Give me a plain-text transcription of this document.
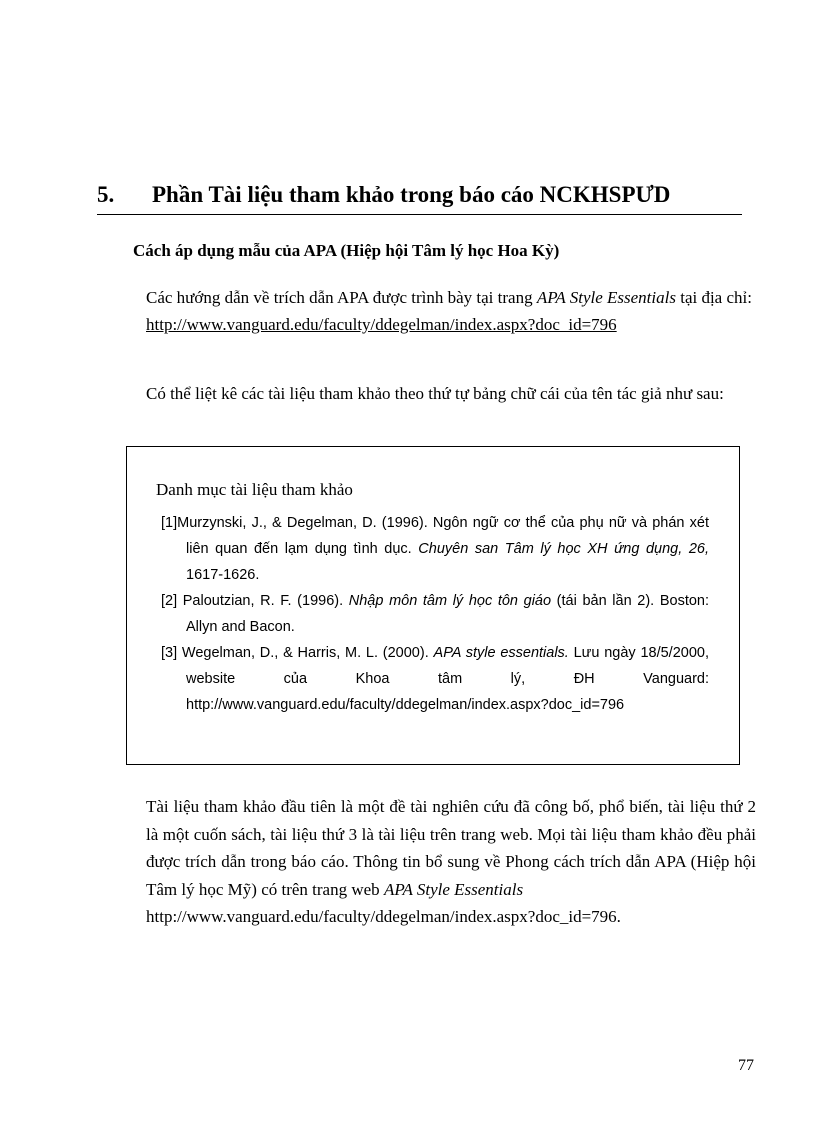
5. Phần Tài liệu tham khảo trong báo cáo NCKHSPƯD
Cách áp dụng mẫu của APA (Hiệp hội Tâm lý học Hoa Kỳ)
Các hướng dẫn về trích dẫn APA được trình bày tại trang APA Style Essentials tại địa chỉ:
http://www.vanguard.edu/faculty/ddegelman/index.aspx?doc_id=796
Có thể liệt kê các tài liệu tham khảo theo thứ tự bảng chữ cái của tên tác giả như sau:
Danh mục tài liệu tham khảo
[1]Murzynski, J., & Degelman, D. (1996). Ngôn ngữ cơ thể của phụ nữ và phán xét liên quan đến lạm dụng tình dục. Chuyên san Tâm lý học XH ứng dụng, 26, 1617-1626.
[2] Paloutzian, R. F. (1996). Nhập môn tâm lý học tôn giáo (tái bản lần 2). Boston: Allyn and Bacon.
[3] Wegelman, D., & Harris, M. L. (2000). APA style essentials. Lưu ngày 18/5/2000, website của Khoa tâm lý, ĐH Vanguard: http://www.vanguard.edu/faculty/ddegelman/index.aspx?doc_id=796
Tài liệu tham khảo đầu tiên là một đề tài nghiên cứu đã công bố, phổ biến, tài liệu thứ 2 là một cuốn sách, tài liệu thứ 3 là tài liệu trên trang web. Mọi tài liệu tham khảo đều phải được trích dẫn trong báo cáo. Thông tin bổ sung về Phong cách trích dẫn APA (Hiệp hội Tâm lý học Mỹ) có trên trang web APA Style Essentials
http://www.vanguard.edu/faculty/ddegelman/index.aspx?doc_id=796.
77
